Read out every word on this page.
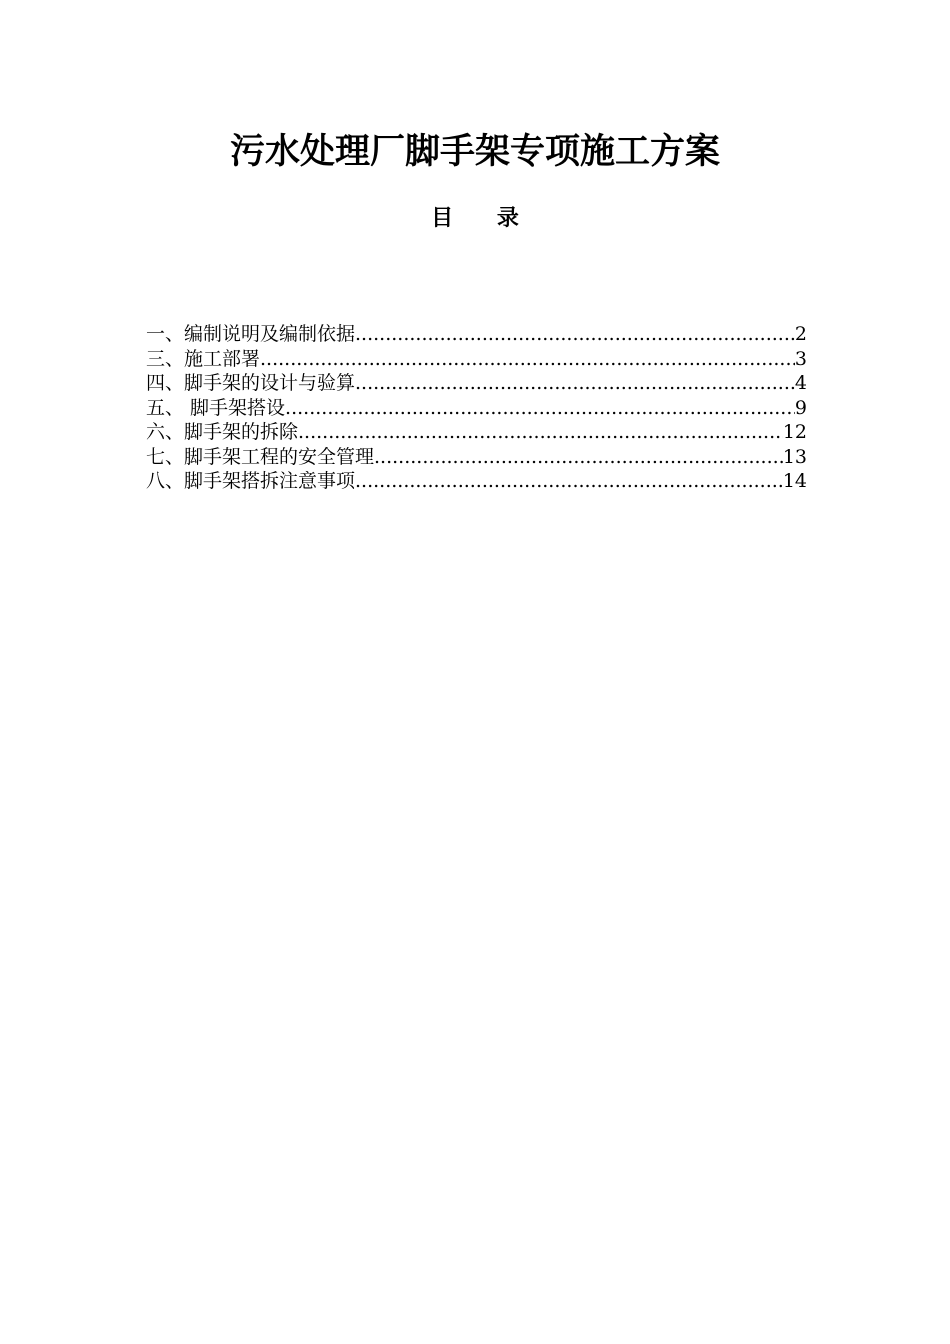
污水处理厂脚手架专项施工方案
目 录
一、编制说明及编制依据 .....	2
三、施工部署 .....	3
四、脚手架的设计与验算 .....	4
五、 脚手架搭设 .....	9
六、脚手架的拆除 .....	12
七、脚手架工程的安全管理 .....	13
八、脚手架搭拆注意事项 .....	14
